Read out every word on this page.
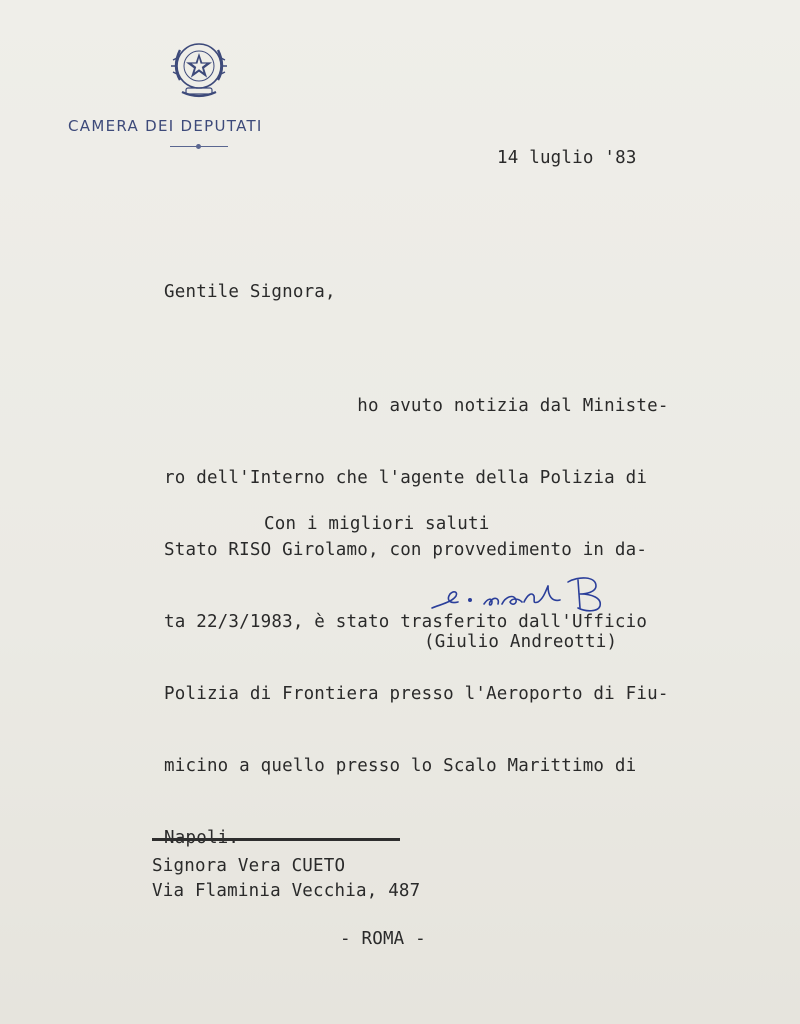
CAMERA DEI DEPUTATI
14 luglio '83
Gentile Signora,

ho avuto notizia dal Ministe-

ro dell'Interno che l'agente della Polizia di

Stato RISO Girolamo, con provvedimento in da-

ta 22/3/1983, è stato trasferito dall'Ufficio

Polizia di Frontiera presso l'Aeroporto di Fiu-

micino a quello presso lo Scalo Marittimo di

Con i migliori saluti
(Giulio Andreotti)
Signora Vera CUETO
Via Flaminia Vecchia, 487
- ROMA -
